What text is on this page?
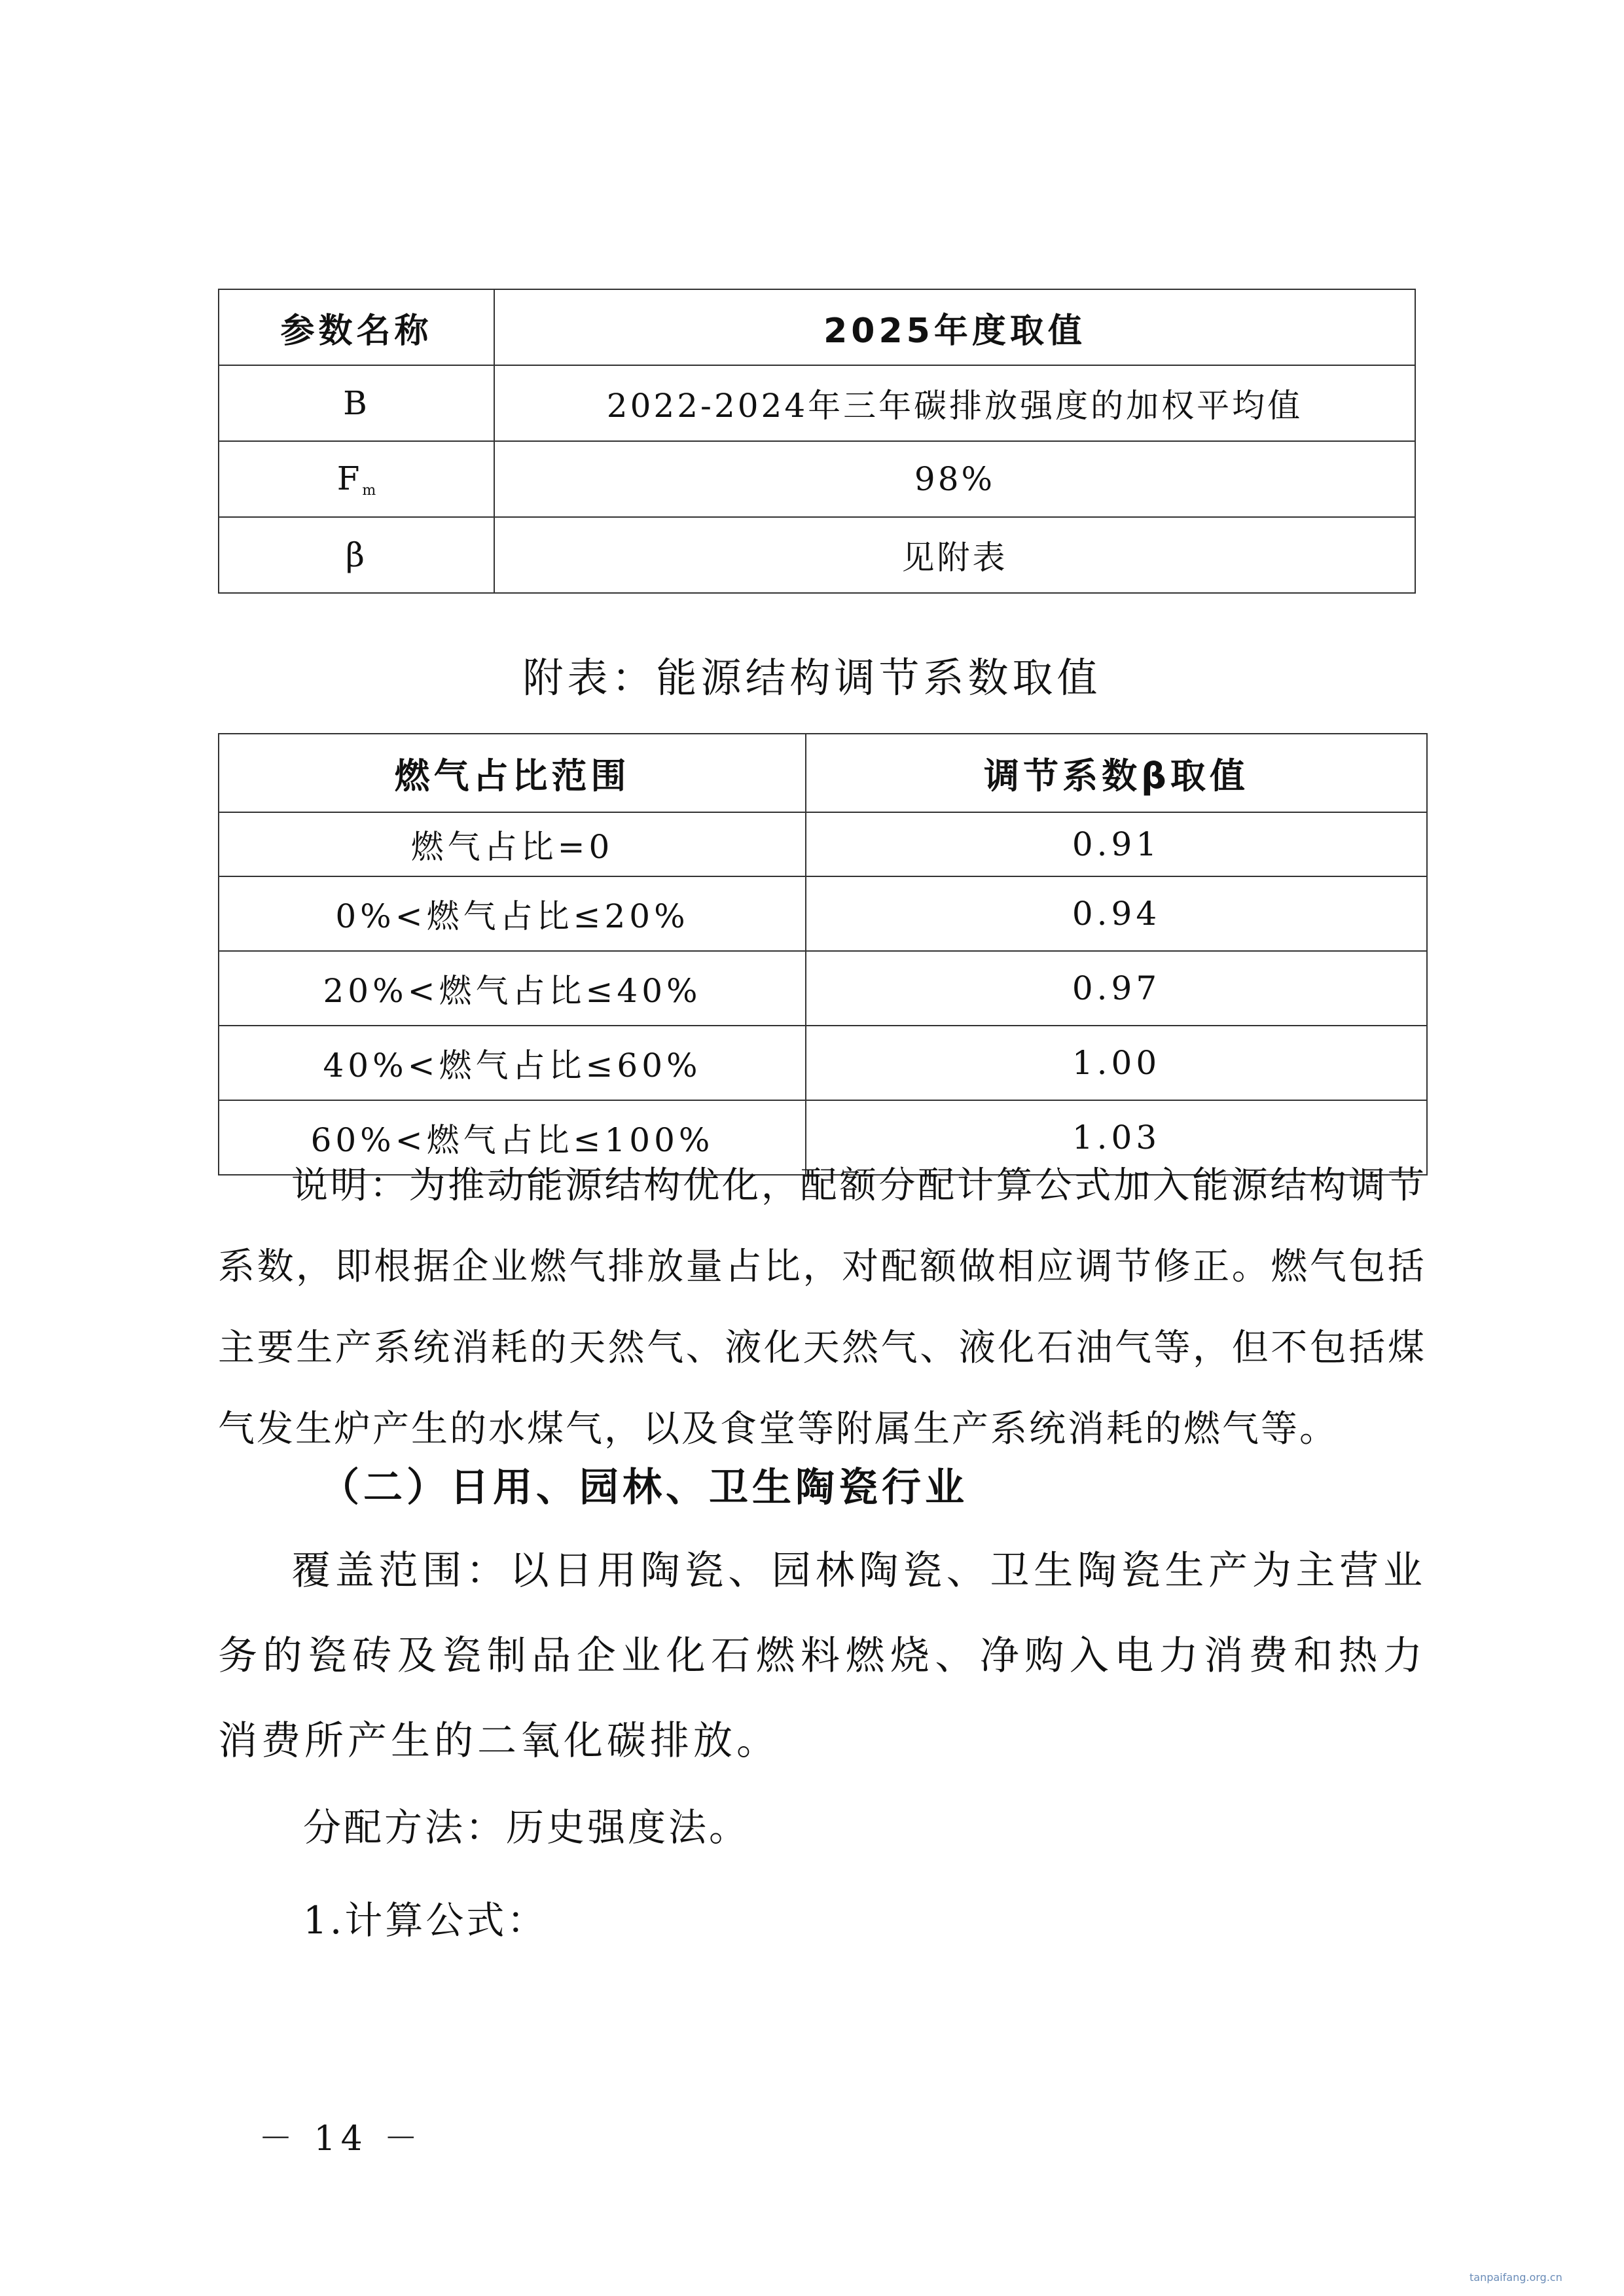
参数名称	2025年度取值
B	2022-2024年三年碳排放强度的加权平均值
$F_m$	98%
β	见附表
附表：能源结构调节系数取值
燃气占比范围	调节系数β取值
燃气占比=0	0.91
0%<燃气占比≤20%	0.94
20%<燃气占比≤40%	0.97
40%<燃气占比≤60%	1.00
60%<燃气占比≤100%	1.03
说明：为推动能源结构优化，配额分配计算公式加入能源结构调节系数，即根据企业燃气排放量占比，对配额做相应调节修正。燃气包括主要生产系统消耗的天然气、液化天然气、液化石油气等，但不包括煤气发生炉产生的水煤气，以及食堂等附属生产系统消耗的燃气等。
（二）日用、园林、卫生陶瓷行业
覆盖范围：以日用陶瓷、园林陶瓷、卫生陶瓷生产为主营业务的瓷砖及瓷制品企业化石燃料燃烧、净购入电力消费和热力消费所产生的二氧化碳排放。
分配方法：历史强度法。
1.计算公式：
－ 14 －
tanpaifang.org.cn
